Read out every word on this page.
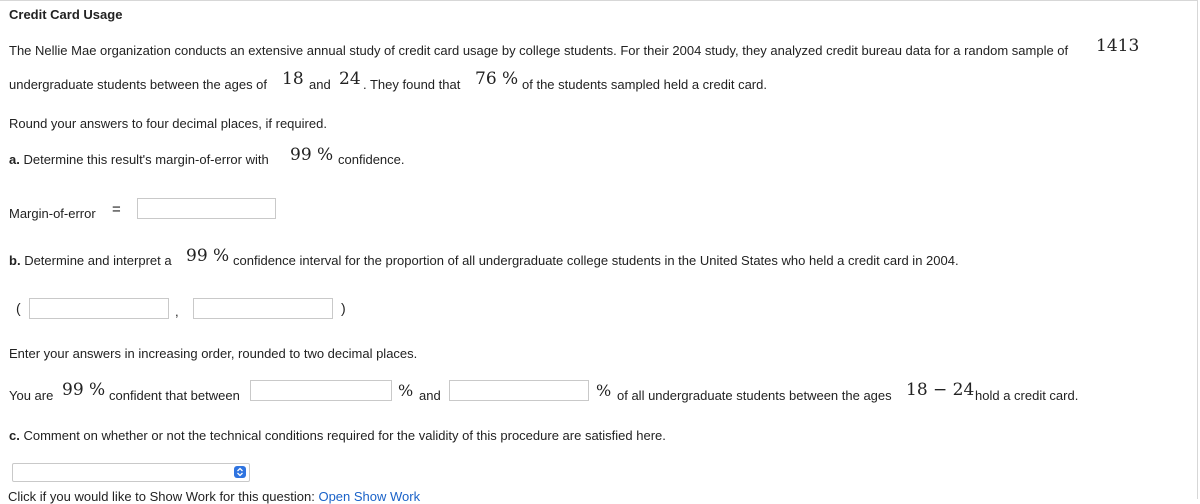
Credit Card Usage
The Nellie Mae organization conducts an extensive annual study of credit card usage by college students. For their 2004 study, they analyzed credit bureau data for a random sample of 1413
undergraduate students between the ages of 18 and 24 . They found that 76 % of the students sampled held a credit card.
Round your answers to four decimal places, if required.
a. Determine this result's margin-of-error with 99 % confidence.
Margin-of-error =
b. Determine and interpret a 99 % confidence interval for the proportion of all undergraduate college students in the United States who held a credit card in 2004.
(	,	)
Enter your answers in increasing order, rounded to two decimal places.
You are 99 % confident that between	% and	% of all undergraduate students between the ages 18 − 24 hold a credit card.
c. Comment on whether or not the technical conditions required for the validity of this procedure are satisfied here.
Click if you would like to Show Work for this question: Open Show Work
